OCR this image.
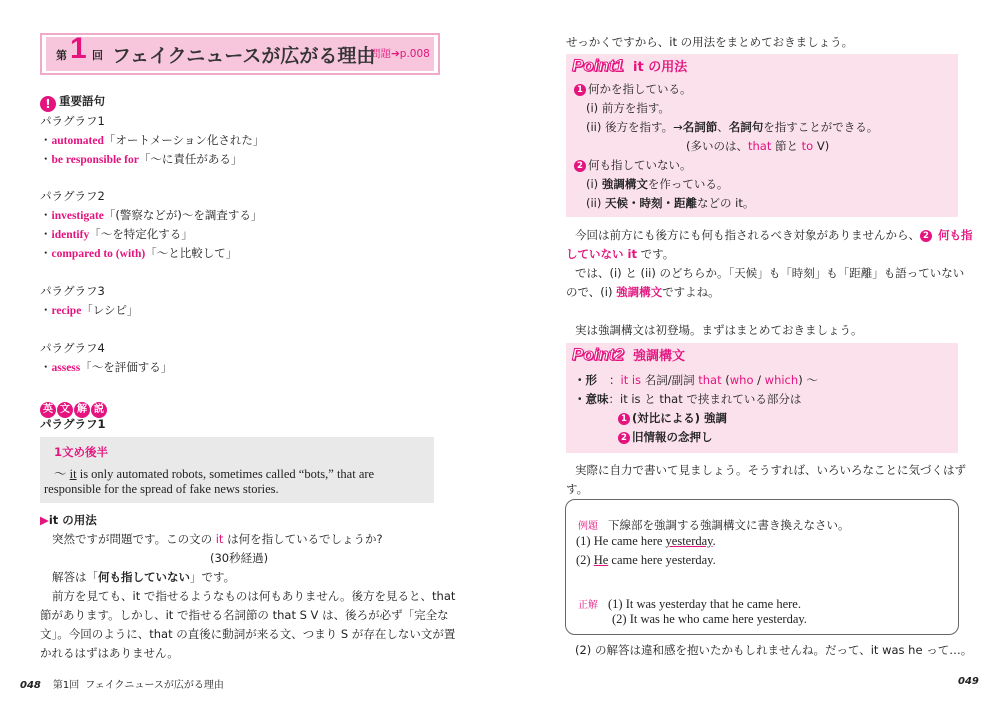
第 1 回 フェイクニュースが広がる理由
問題➔p.008
! 重要語句
パラグラフ1
・automated「オートメーション化された」
・be responsible for「〜に責任がある」
パラグラフ2
・investigate「(警察などが)〜を調査する」
・identify「〜を特定化する」
・compared to (with)「〜と比較して」
パラグラフ3
・recipe「レシピ」
パラグラフ4
・assess「〜を評価する」
英 文 解 説
パラグラフ1
1文め後半
〜 it is only automated robots, sometimes called “bots,” that are
responsible for the spread of fake news stories.
▶it の用法
突然ですが問題です。この文の it は何を指しているでしょうか?
(30秒経過)
解答は「何も指していない」です。
前方を見ても、it で指せるようなものは何もありません。後方を見ると、that
節があります。しかし、it で指せる名詞節の that S V は、後ろが必ず「完全な
文」。今回のように、that の直後に動詞が来る文、つまり S が存在しない文が置
かれるはずはありません。
048 第1回 フェイクニュースが広がる理由
せっかくですから、it の用法をまとめておきましょう。
Point1 it の用法
1 何かを指している。
(i) 前方を指す。
(ii) 後方を指す。→名詞節、名詞句を指すことができる。
(多いのは、that 節と to V)
2 何も指していない。
(i) 強調構文を作っている。
(ii) 天候・時刻・距離などの it。
今回は前方にも後方にも何も指されるべき対象がありませんから、 2 何も指
していない it です。
では、(i) と (ii) のどちらか。「天候」も「時刻」も「距離」も語っていない
ので、(i) 強調構文ですよね。
実は強調構文は初登場。まずはまとめておきましょう。
Point2 強調構文
・形 ：it is 名詞/副詞 that (who / which) 〜
・意味：it is と that で挟まれている部分は
1 (対比による) 強調
2 旧情報の念押し
実際に自力で書いて見ましょう。そうすれば、いろいろなことに気づくはず
す。
例題 下線部を強調する強調構文に書き換えなさい。
(1) He came here yesterday.
(2) He came here yesterday.
正解 (1) It was yesterday that he came here.
(2) It was he who came here yesterday.
(2) の解答は違和感を抱いたかもしれませんね。だって、it was he って…。
049
